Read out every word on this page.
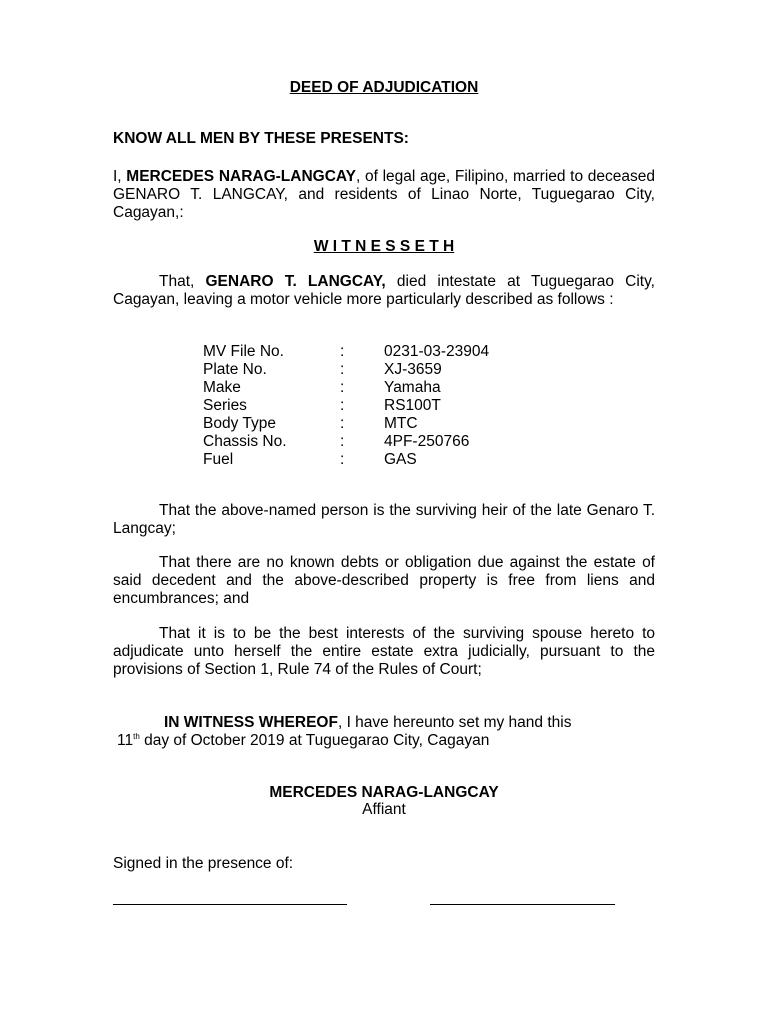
DEED OF ADJUDICATION

KNOW ALL MEN BY THESE PRESENTS:

I, MERCEDES NARAG-LANGCAY, of legal age, Filipino, married to deceased GENARO T. LANGCAY, and residents of Linao Norte, Tuguegarao City, Cagayan,:

W I T N E S S E T H

That, GENARO T. LANGCAY, died intestate at Tuguegarao City, Cagayan, leaving a motor vehicle more particularly described as follows :

MV File No.	:	0231-03-23904
Plate No.	:	XJ-3659
Make	:	Yamaha
Series	:	RS100T
Body Type	:	MTC
Chassis No.	:	4PF-250766
Fuel	:	GAS

That the above-named person is the surviving heir of the late Genaro T. Langcay;

That there are no known debts or obligation due against the estate of said decedent and the above-described property is free from liens and encumbrances; and

That it is to be the best interests of the surviving spouse hereto to adjudicate unto herself the entire estate extra judicially, pursuant to the provisions of Section 1, Rule 74 of the Rules of Court;

IN WITNESS WHEREOF, I have hereunto set my hand this

11th day of October 2019 at Tuguegarao City, Cagayan

MERCEDES NARAG-LANGCAY

Affiant

Signed in the presence of:
